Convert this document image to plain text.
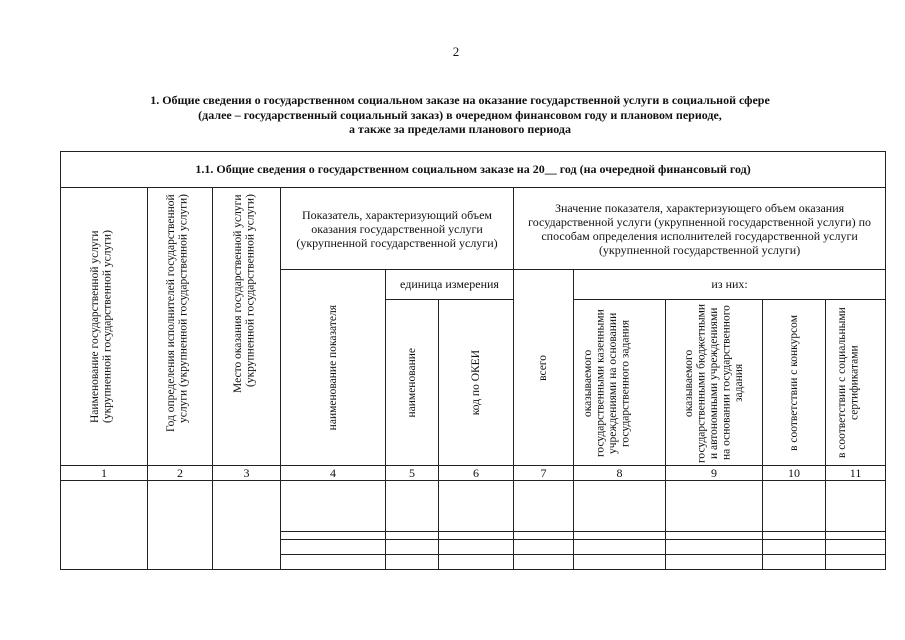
2
1. Общие сведения о государственном социальном заказе на оказание государственной услуги в социальной сфере
(далее – государственный социальный заказ) в очередном финансовом году и плановом периоде,
а также за пределами планового периода
1.1. Общие сведения о государственном социальном заказе на 20__ год (на очередной финансовый год)										

Наименование государственной услуги (укрупненной государственной услуги)	Год определения исполнителей государственной услуги (укрупненной государственной услуги)	Место оказания государственной услуги (укрупненной государственной услуги)	Показатель, характеризующий объем оказания государственной услуги (укрупненной государственной услуги)			Значение показателя, характеризующего объем оказания государственной услуги (укрупненной государственной услуги) по способам определения исполнителей государственной услуги (укрупненной государственной услуги)				

			наименование показателя	единица измерения		всего	из них:			

				наименование	код по ОКЕИ		оказываемого государственными казенными учреждениями на основании государственного задания	оказываемого государственными бюджетными и автономными учреждениями на основании государственного задания	в соответствии с конкурсом	в соответствии с социальными сертификатами

1	2	3	4	5	6	7	8	9	10	11
